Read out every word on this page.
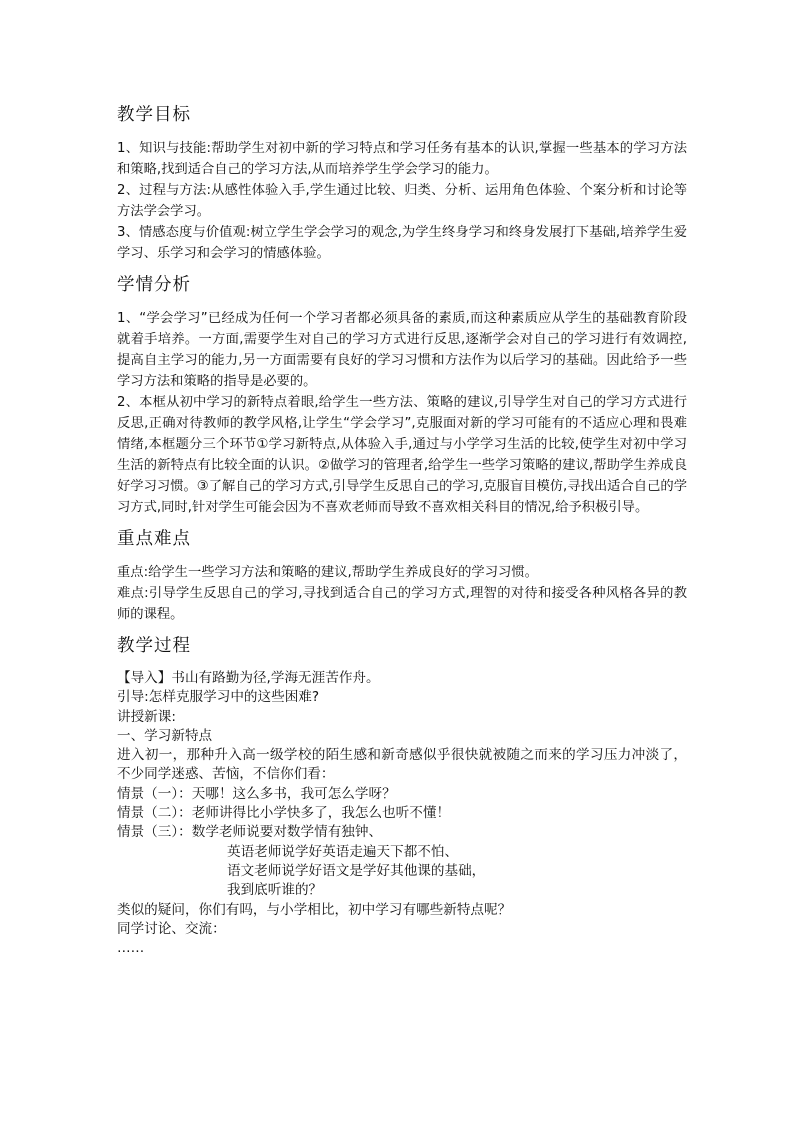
教学目标

1、知识与技能:帮助学生对初中新的学习特点和学习任务有基本的认识,掌握一些基本的学习方法和策略,找到适合自己的学习方法,从而培养学生学会学习的能力。

2、过程与方法:从感性体验入手,学生通过比较、归类、分析、运用角色体验、个案分析和讨论等方法学会学习。

3、情感态度与价值观:树立学生学会学习的观念,为学生终身学习和终身发展打下基础,培养学生爱学习、乐学习和会学习的情感体验。

学情分析

1、“学会学习”已经成为任何一个学习者都必须具备的素质,而这种素质应从学生的基础教育阶段就着手培养。一方面,需要学生对自己的学习方式进行反思,逐渐学会对自己的学习进行有效调控,提高自主学习的能力,另一方面需要有良好的学习习惯和方法作为以后学习的基础。因此给予一些学习方法和策略的指导是必要的。

2、本框从初中学习的新特点着眼,给学生一些方法、策略的建议,引导学生对自己的学习方式进行反思,正确对待教师的教学风格,让学生“学会学习”,克服面对新的学习可能有的不适应心理和畏难情绪,本框题分三个环节①学习新特点,从体验入手,通过与小学学习生活的比较,使学生对初中学习生活的新特点有比较全面的认识。②做学习的管理者,给学生一些学习策略的建议,帮助学生养成良好学习习惯。③了解自己的学习方式,引导学生反思自己的学习,克服盲目模仿,寻找出适合自己的学习方式,同时,针对学生可能会因为不喜欢老师而导致不喜欢相关科目的情况,给予积极引导。

重点难点

重点:给学生一些学习方法和策略的建议,帮助学生养成良好的学习习惯。

难点:引导学生反思自己的学习,寻找到适合自己的学习方式,理智的对待和接受各种风格各异的教师的课程。

教学过程

【导入】书山有路勤为径,学海无涯苦作舟。

引导:怎样克服学习中的这些困难?

讲授新课:

一、学习新特点

进入初一，那种升入高一级学校的陌生感和新奇感似乎很快就被随之而来的学习压力冲淡了，不少同学迷惑、苦恼，不信你们看：

情景（一）：天哪！这么多书，我可怎么学呀？

情景（二）：老师讲得比小学快多了，我怎么也听不懂！

情景（三）：数学老师说要对数学情有独钟、

英语老师说学好英语走遍天下都不怕、

语文老师说学好语文是学好其他课的基础，

我到底听谁的？

类似的疑问，你们有吗，与小学相比，初中学习有哪些新特点呢？

同学讨论、交流：

……
